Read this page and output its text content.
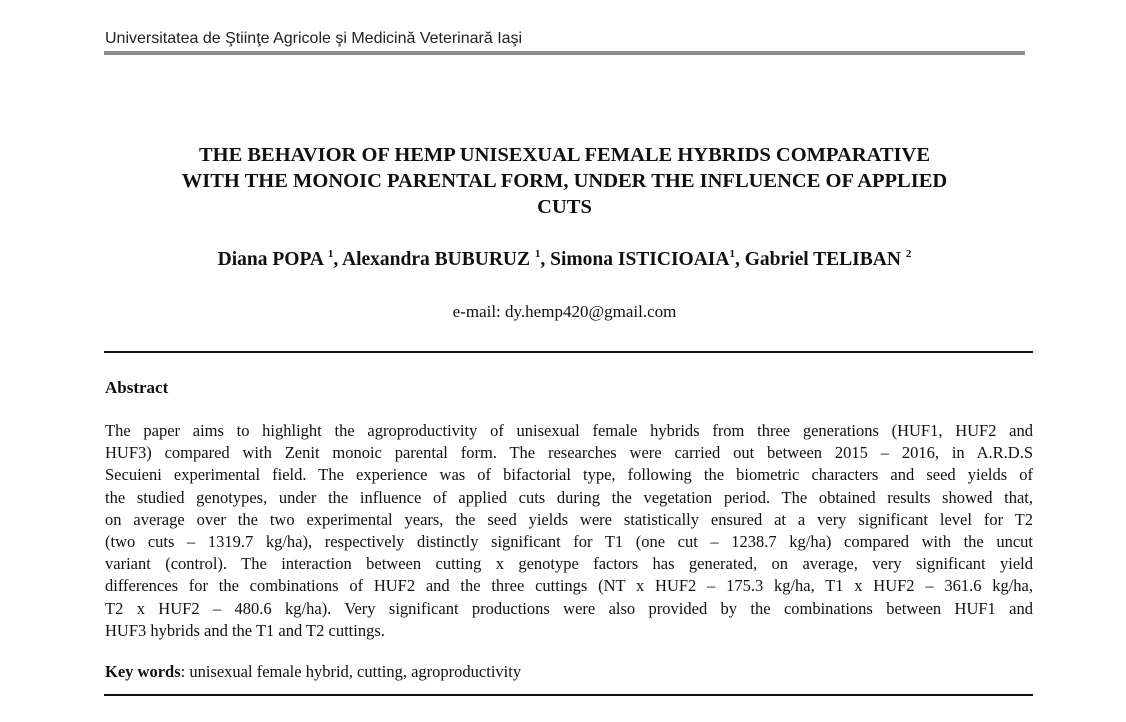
Universitatea de Ştiinţe Agricole şi Medicină Veterinară Iaşi
THE BEHAVIOR OF HEMP UNISEXUAL FEMALE HYBRIDS COMPARATIVE
WITH THE MONOIC PARENTAL FORM, UNDER THE INFLUENCE OF APPLIED
CUTS
Diana POPA $^1$, Alexandra BUBURUZ $^1$, Simona ISTICIOAIA$^1$, Gabriel TELIBAN $^2$
e-mail: dy.hemp420@gmail.com
Abstract
The paper aims to highlight the agroproductivity of unisexual female hybrids from three generations (HUF1, HUF2 and
HUF3) compared with Zenit monoic parental form. The researches were carried out between 2015 – 2016, in A.R.D.S
Secuieni experimental field. The experience was of bifactorial type, following the biometric characters and seed yields of
the studied genotypes, under the influence of applied cuts during the vegetation period. The obtained results showed that,
on average over the two experimental years, the seed yields were statistically ensured at a very significant level for T2
(two cuts – 1319.7 kg/ha), respectively distinctly significant for T1 (one cut – 1238.7 kg/ha) compared with the uncut
variant (control). The interaction between cutting x genotype factors has generated, on average, very significant yield
differences for the combinations of HUF2 and the three cuttings (NT x HUF2 – 175.3 kg/ha, T1 x HUF2 – 361.6 kg/ha,
T2 x HUF2 – 480.6 kg/ha). Very significant productions were also provided by the combinations between HUF1 and
HUF3 hybrids and the T1 and T2 cuttings.
Key words: unisexual female hybrid, cutting, agroproductivity
